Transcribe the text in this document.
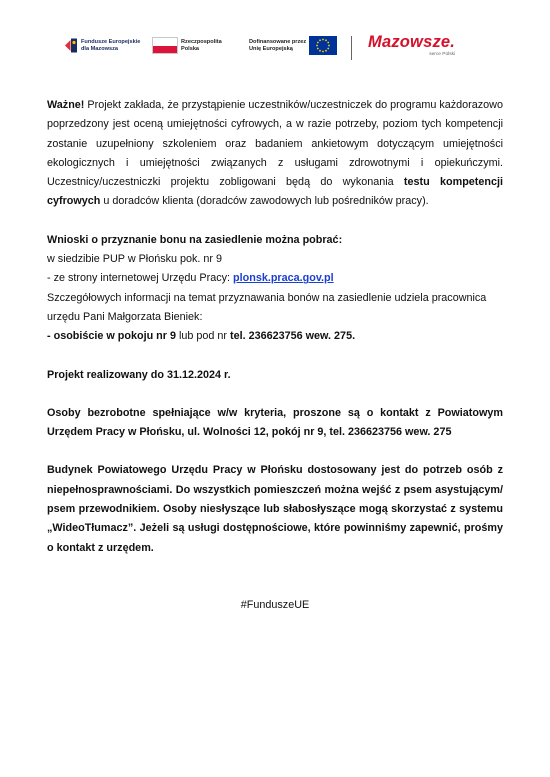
Fundusze Europejskie
dla Mazowsza
Rzeczpospolita
Polska
Dofinansowane przez
Unię Europejską	Mazowsze.
serce Polski

Ważne! Projekt zakłada, że przystąpienie uczestników/uczestniczek do programu każdorazowo poprzedzony jest oceną umiejętności cyfrowych, a w razie potrzeby, poziom tych kompetencji zostanie uzupełniony szkoleniem oraz badaniem ankietowym dotyczącym umiejętności ekologicznych i umiejętności związanych z usługami zdrowotnymi i opiekuńczymi. Uczestnicy/uczestniczki projektu zobligowani będą do wykonania testu kompetencji cyfrowych u doradców klienta (doradców zawodowych lub pośredników pracy).

Wnioski o przyznanie bonu na zasiedlenie można pobrać:

w siedzibie PUP w Płońsku pok. nr 9

- ze strony internetowej Urzędu Pracy: plonsk.praca.gov.pl

Szczegółowych informacji na temat przyznawania bonów na zasiedlenie udziela pracownica urzędu Pani Małgorzata Bieniek:

- osobiście w pokoju nr 9 lub pod nr tel. 236623756 wew. 275.

Projekt realizowany do 31.12.2024 r.

Osoby bezrobotne spełniające w/w kryteria, proszone są o kontakt z Powiatowym Urzędem Pracy w Płońsku, ul. Wolności 12, pokój nr 9, tel. 236623756 wew. 275

Budynek Powiatowego Urzędu Pracy w Płońsku dostosowany jest do potrzeb osób z niepełnosprawnościami. Do wszystkich pomieszczeń można wejść z psem asystującym/ psem przewodnikiem. Osoby niesłyszące lub słabosłyszące mogą skorzystać z systemu „WideoTłumacz”. Jeżeli są usługi dostępnościowe, które powinniśmy zapewnić, prośmy o kontakt z urzędem.

#FunduszeUE
